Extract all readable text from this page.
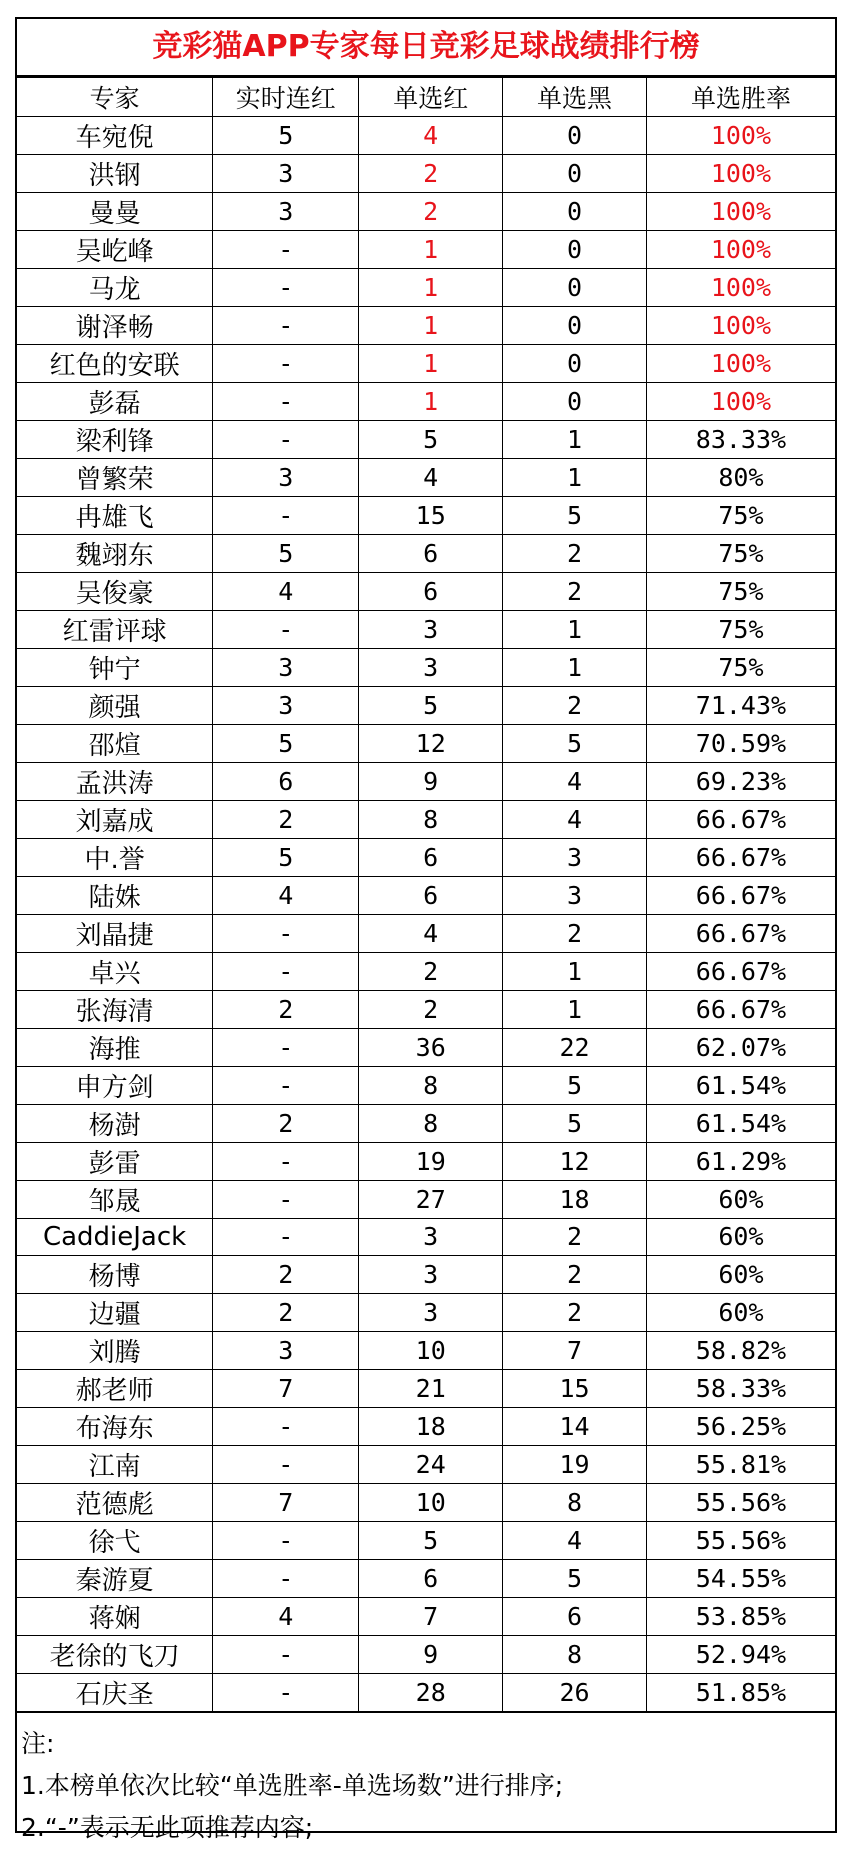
竞彩猫APP专家每日竞彩足球战绩排行榜
专家	实时连红	单选红	单选黑	单选胜率
车宛倪	5	4	0	100%
洪钢	3	2	0	100%
曼曼	3	2	0	100%
吴屹峰	-	1	0	100%
马龙	-	1	0	100%
谢泽畅	-	1	0	100%
红色的安联	-	1	0	100%
彭磊	-	1	0	100%
梁利锋	-	5	1	83.33%
曾繁荣	3	4	1	80%
冉雄飞	-	15	5	75%
魏翊东	5	6	2	75%
吴俊豪	4	6	2	75%
红雷评球	-	3	1	75%
钟宁	3	3	1	75%
颜强	3	5	2	71.43%
邵煊	5	12	5	70.59%
孟洪涛	6	9	4	69.23%
刘嘉成	2	8	4	66.67%
中.誉	5	6	3	66.67%
陆姝	4	6	3	66.67%
刘晶捷	-	4	2	66.67%
卓兴	-	2	1	66.67%
张海清	2	2	1	66.67%
海推	-	36	22	62.07%
申方剑	-	8	5	61.54%
杨澍	2	8	5	61.54%
彭雷	-	19	12	61.29%
邹晟	-	27	18	60%
CaddieJack	-	3	2	60%
杨博	2	3	2	60%
边疆	2	3	2	60%
刘腾	3	10	7	58.82%
郝老师	7	21	15	58.33%
布海东	-	18	14	56.25%
江南	-	24	19	55.81%
范德彪	7	10	8	55.56%
徐弋	-	5	4	55.56%
秦游夏	-	6	5	54.55%
蒋娴	4	7	6	53.85%
老徐的飞刀	-	9	8	52.94%
石庆圣	-	28	26	51.85%
注:
1.本榜单依次比较“单选胜率-单选场数”进行排序;
2.“-”表示无此项推荐内容;
